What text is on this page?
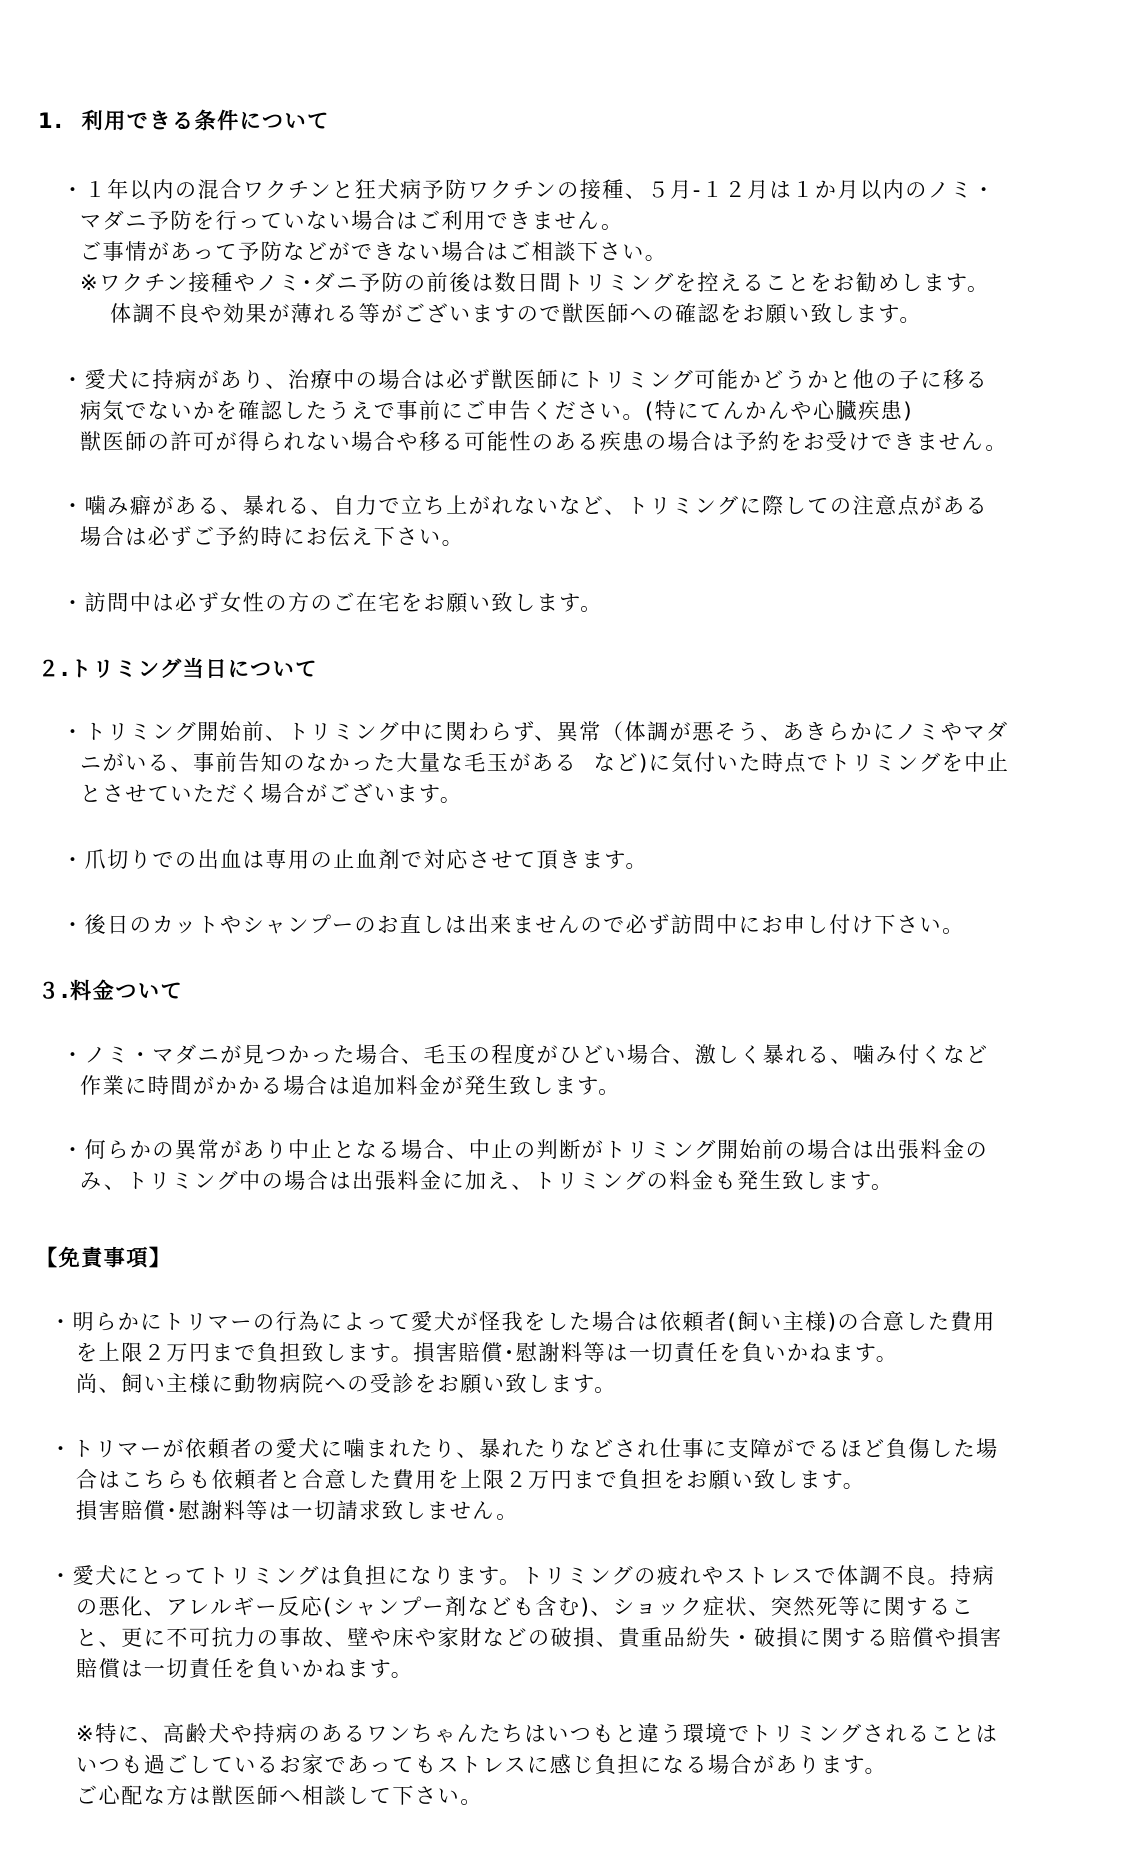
1.  利用できる条件について
・１年以内の混合ワクチンと狂犬病予防ワクチンの接種、５月-１２月は１か月以内のノミ・
マダニ予防を行っていない場合はご利用できません。
ご事情があって予防などができない場合はご相談下さい。
※ワクチン接種やノミ･ダニ予防の前後は数日間トリミングを控えることをお勧めします。
体調不良や効果が薄れる等がございますので獣医師への確認をお願い致します。
・愛犬に持病があり、治療中の場合は必ず獣医師にトリミング可能かどうかと他の子に移る
病気でないかを確認したうえで事前にご申告ください。(特にてんかんや心臓疾患)
獣医師の許可が得られない場合や移る可能性のある疾患の場合は予約をお受けできません。
・噛み癖がある、暴れる、自力で立ち上がれないなど、トリミングに際しての注意点がある
場合は必ずご予約時にお伝え下さい。
・訪問中は必ず女性の方のご在宅をお願い致します。
２.トリミング当日について
・トリミング開始前、トリミング中に関わらず、異常（体調が悪そう、あきらかにノミやマダ
ニがいる、事前告知のなかった大量な毛玉がある  など)に気付いた時点でトリミングを中止
とさせていただく場合がございます。
・爪切りでの出血は専用の止血剤で対応させて頂きます。
・後日のカットやシャンプーのお直しは出来ませんので必ず訪問中にお申し付け下さい。
３.料金ついて
・ノミ・マダニが見つかった場合、毛玉の程度がひどい場合、激しく暴れる、噛み付くなど
作業に時間がかかる場合は追加料金が発生致します。
・何らかの異常があり中止となる場合、中止の判断がトリミング開始前の場合は出張料金の
み、トリミング中の場合は出張料金に加え、トリミングの料金も発生致します。
【免責事項】
・明らかにトリマーの行為によって愛犬が怪我をした場合は依頼者(飼い主様)の合意した費用
を上限２万円まで負担致します。損害賠償･慰謝料等は一切責任を負いかねます。
尚、飼い主様に動物病院への受診をお願い致します。
・トリマーが依頼者の愛犬に噛まれたり、暴れたりなどされ仕事に支障がでるほど負傷した場
合はこちらも依頼者と合意した費用を上限２万円まで負担をお願い致します。
損害賠償･慰謝料等は一切請求致しません。
・愛犬にとってトリミングは負担になります。トリミングの疲れやストレスで体調不良。持病
の悪化、アレルギー反応(シャンプー剤なども含む)、ショック症状、突然死等に関するこ
と、更に不可抗力の事故、壁や床や家財などの破損、貴重品紛失・破損に関する賠償や損害
賠償は一切責任を負いかねます。
※特に、高齢犬や持病のあるワンちゃんたちはいつもと違う環境でトリミングされることは
いつも過ごしているお家であってもストレスに感じ負担になる場合があります。
ご心配な方は獣医師へ相談して下さい。
